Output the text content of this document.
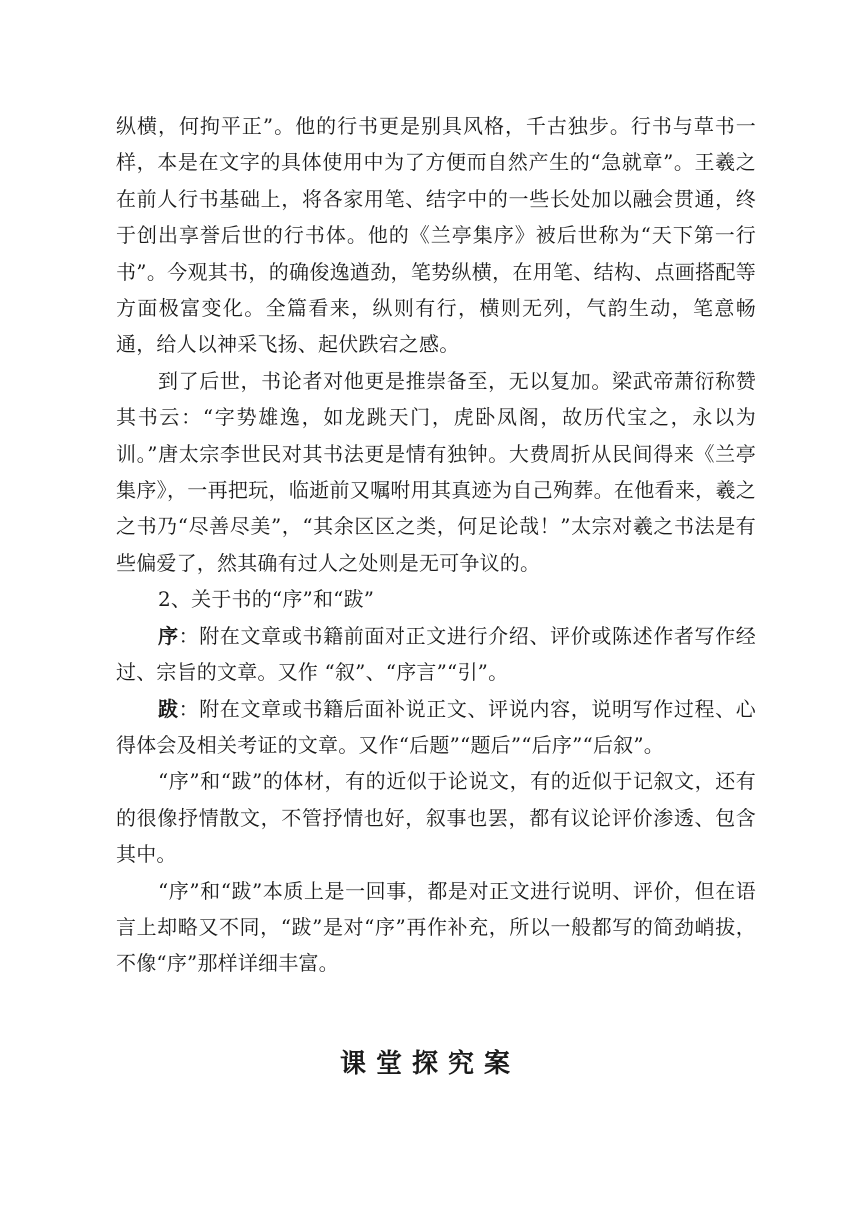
纵横，何拘平正”。他的行书更是别具风格，千古独步。行书与草书一样，本是在文字的具体使用中为了方便而自然产生的“急就章”。王羲之在前人行书基础上，将各家用笔、结字中的一些长处加以融会贯通，终于创出享誉后世的行书体。他的《兰亭集序》被后世称为“天下第一行书”。今观其书，的确俊逸遒劲，笔势纵横，在用笔、结构、点画搭配等方面极富变化。全篇看来，纵则有行，横则无列，气韵生动，笔意畅通，给人以神采飞扬、起伏跌宕之感。

到了后世，书论者对他更是推崇备至，无以复加。梁武帝萧衍称赞其书云：“字势雄逸，如龙跳天门，虎卧凤阁，故历代宝之，永以为训。”唐太宗李世民对其书法更是情有独钟。大费周折从民间得来《兰亭集序》，一再把玩，临逝前又嘱咐用其真迹为自己殉葬。在他看来，羲之之书乃“尽善尽美”，“其余区区之类，何足论哉！”太宗对羲之书法是有些偏爱了，然其确有过人之处则是无可争议的。

2、关于书的“序”和“跋”

序：附在文章或书籍前面对正文进行介绍、评价或陈述作者写作经过、宗旨的文章。又作 “叙”、“序言”“引”。

跋：附在文章或书籍后面补说正文、评说内容，说明写作过程、心得体会及相关考证的文章。又作“后题”“题后”“后序”“后叙”。

“序”和“跋”的体材，有的近似于论说文，有的近似于记叙文，还有的很像抒情散文，不管抒情也好，叙事也罢，都有议论评价渗透、包含其中。

“序”和“跋”本质上是一回事，都是对正文进行说明、评价，但在语言上却略又不同，“跋”是对“序”再作补充，所以一般都写的简劲峭拔，不像“序”那样详细丰富。

课堂探究案
